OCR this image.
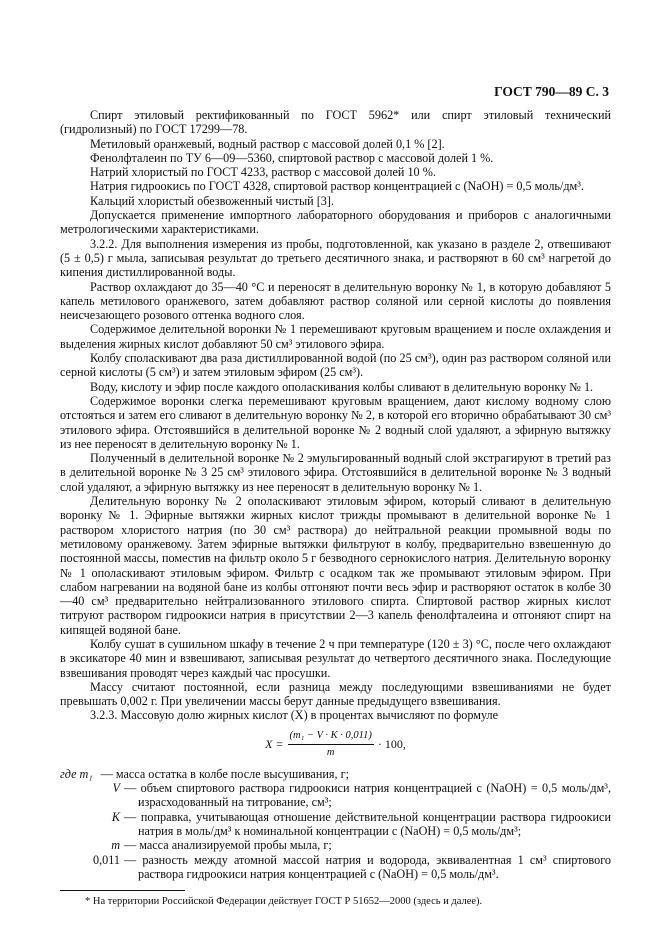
ГОСТ 790—89 С. 3

Спирт этиловый ректификованный по ГОСТ 5962* или спирт этиловый технический (гидролизный) по ГОСТ 17299—78.

Метиловый оранжевый, водный раствор с массовой долей 0,1 % [2].

Фенолфталеин по ТУ 6—09—5360, спиртовой раствор с массовой долей 1 %.

Натрий хлористый по ГОСТ 4233, раствор с массовой долей 10 %.

Натрия гидроокись по ГОСТ 4328, спиртовой раствор концентрацией с (NaOH) = 0,5 моль/дм³.

Кальций хлористый обезвоженный чистый [3].

Допускается применение импортного лабораторного оборудования и приборов с аналогичными метрологическими характеристиками.

3.2.2. Для выполнения измерения из пробы, подготовленной, как указано в разделе 2, отвешивают (5 ± 0,5) г мыла, записывая результат до третьего десятичного знака, и растворяют в 60 см³ нагретой до кипения дистиллированной воды.

Раствор охлаждают до 35—40 °С и переносят в делительную воронку № 1, в которую добавляют 5 капель метилового оранжевого, затем добавляют раствор соляной или серной кислоты до появления неисчезающего розового оттенка водного слоя.

Содержимое делительной воронки № 1 перемешивают круговым вращением и после охлаждения и выделения жирных кислот добавляют 50 см³ этилового эфира.

Колбу споласкивают два раза дистиллированной водой (по 25 см³), один раз раствором соляной или серной кислоты (5 см³) и затем этиловым эфиром (25 см³).

Воду, кислоту и эфир после каждого ополаскивания колбы сливают в делительную воронку № 1.

Содержимое воронки слегка перемешивают круговым вращением, дают кислому водному слою отстояться и затем его сливают в делительную воронку № 2, в которой его вторично обрабатывают 30 см³ этилового эфира. Отстоявшийся в делительной воронке № 2 водный слой удаляют, а эфирную вытяжку из нее переносят в делительную воронку № 1.

Полученный в делительной воронке № 2 эмульгированный водный слой экстрагируют в третий раз в делительной воронке № 3 25 см³ этилового эфира. Отстоявшийся в делительной воронке № 3 водный слой удаляют, а эфирную вытяжку из нее переносят в делительную воронку № 1.

Делительную воронку № 2 ополаскивают этиловым эфиром, который сливают в делительную воронку № 1. Эфирные вытяжки жирных кислот трижды промывают в делительной воронке № 1 раствором хлористого натрия (по 30 см³ раствора) до нейтральной реакции промывной воды по метиловому оранжевому. Затем эфирные вытяжки фильтруют в колбу, предварительно взвешенную до постоянной массы, поместив на фильтр около 5 г безводного сернокислого натрия. Делительную воронку № 1 ополаскивают этиловым эфиром. Фильтр с осадком так же промывают этиловым эфиром. При слабом нагревании на водяной бане из колбы отгоняют почти весь эфир и растворяют остаток в колбе 30—40 см³ предварительно нейтрализованного этилового спирта. Спиртовой раствор жирных кислот титруют раствором гидроокиси натрия в присутствии 2—3 капель фенолфталеина и отгоняют спирт на кипящей водяной бане.

Колбу сушат в сушильном шкафу в течение 2 ч при температуре (120 ± 3) °С, после чего охлаждают в эксикаторе 40 мин и взвешивают, записывая результат до четвертого десятичного знака. Последующие взвешивания проводят через каждый час просушки.

Массу считают постоянной, если разница между последующими взвешиваниями не будет превышать 0,002 г. При увеличении массы берут данные предыдущего взвешивания.

3.2.3. Массовую долю жирных кислот (X) в процентах вычисляют по формуле

$X = \frac{\text{(m₁ − V · K · 0,011)}}{m} \cdot 100$,
где m₁ — масса остатка в колбе после высушивания, г;
V — объем спиртового раствора гидроокиси натрия концентрацией с (NaOH) = 0,5 моль/дм³, израсходованный на титрование, см³;
K — поправка, учитывающая отношение действительной концентрации раствора гидроокиси натрия в моль/дм³ к номинальной концентрации с (NaOH) = 0,5 моль/дм³;
m — масса анализируемой пробы мыла, г;
0,011 — разность между атомной массой натрия и водорода, эквивалентная 1 см³ спиртового раствора гидроокиси натрия концентрацией с (NaOH) = 0,5 моль/дм³.
* На территории Российской Федерации действует ГОСТ Р 51652—2000 (здесь и далее).
